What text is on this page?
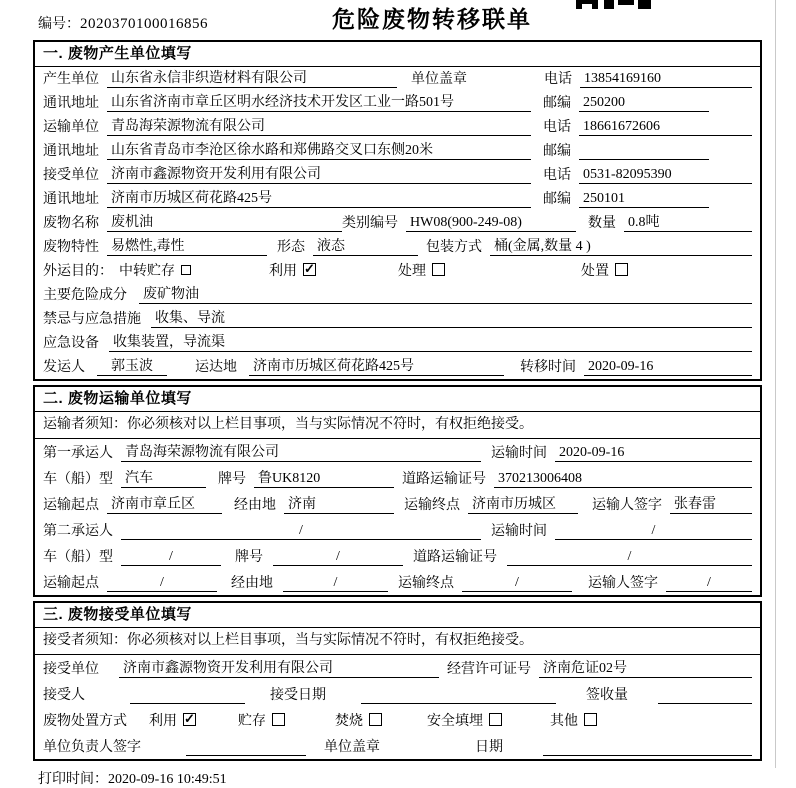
编号：2020370100016856	危险废物转移联单
一. 废物产生单位填写
产生单位 山东省永信非织造材料有限公司	单位盖章	电话 13854169160
通讯地址 山东省济南市章丘区明水经济技术开发区工业一路501号	邮编 250200
运输单位 青岛海荣源物流有限公司	电话 18661672606
通讯地址 山东省青岛市李沧区徐水路和郑佛路交叉口东侧20米	邮编
接受单位 济南市鑫源物资开发利用有限公司	电话 0531-82095390
通讯地址 济南市历城区荷花路425号	邮编 250101
废物名称 废机油	类别编号 HW08(900-249-08)	数量 0.8吨
废物特性 易燃性,毒性	形态 液态	包装方式 桶(金属,数量 4 )
外运目的： 中转贮存	利用 ✓	处理	处置
主要危险成分 废矿物油
禁忌与应急措施 收集、导流
应急设备 收集装置，导流渠
发运人	郭玉波	运达地 济南市历城区荷花路425号	转移时间 2020-09-16
二. 废物运输单位填写
运输者须知：你必须核对以上栏目事项，当与实际情况不符时，有权拒绝接受。
第一承运人 青岛海荣源物流有限公司	运输时间 2020-09-16
车（船）型 汽车	牌号 鲁UK8120	道路运输证号 370213006408
运输起点 济南市章丘区	经由地 济南	运输终点 济南市历城区	运输人签字 张春雷
第二承运人	/	运输时间	/
车（船）型	/	牌号	/	道路运输证号	/
运输起点	/	经由地	/	运输终点	/	运输人签字	/
三. 废物接受单位填写
接受者须知：你必须核对以上栏目事项，当与实际情况不符时，有权拒绝接受。
接受单位 济南市鑫源物资开发利用有限公司	经营许可证号 济南危证02号
接受人	接受日期	签收量
废物处置方式 利用 ✓	贮存	焚烧	安全填埋	其他
单位负责人签字	单位盖章	日期
打印时间：2020-09-16 10:49:51
